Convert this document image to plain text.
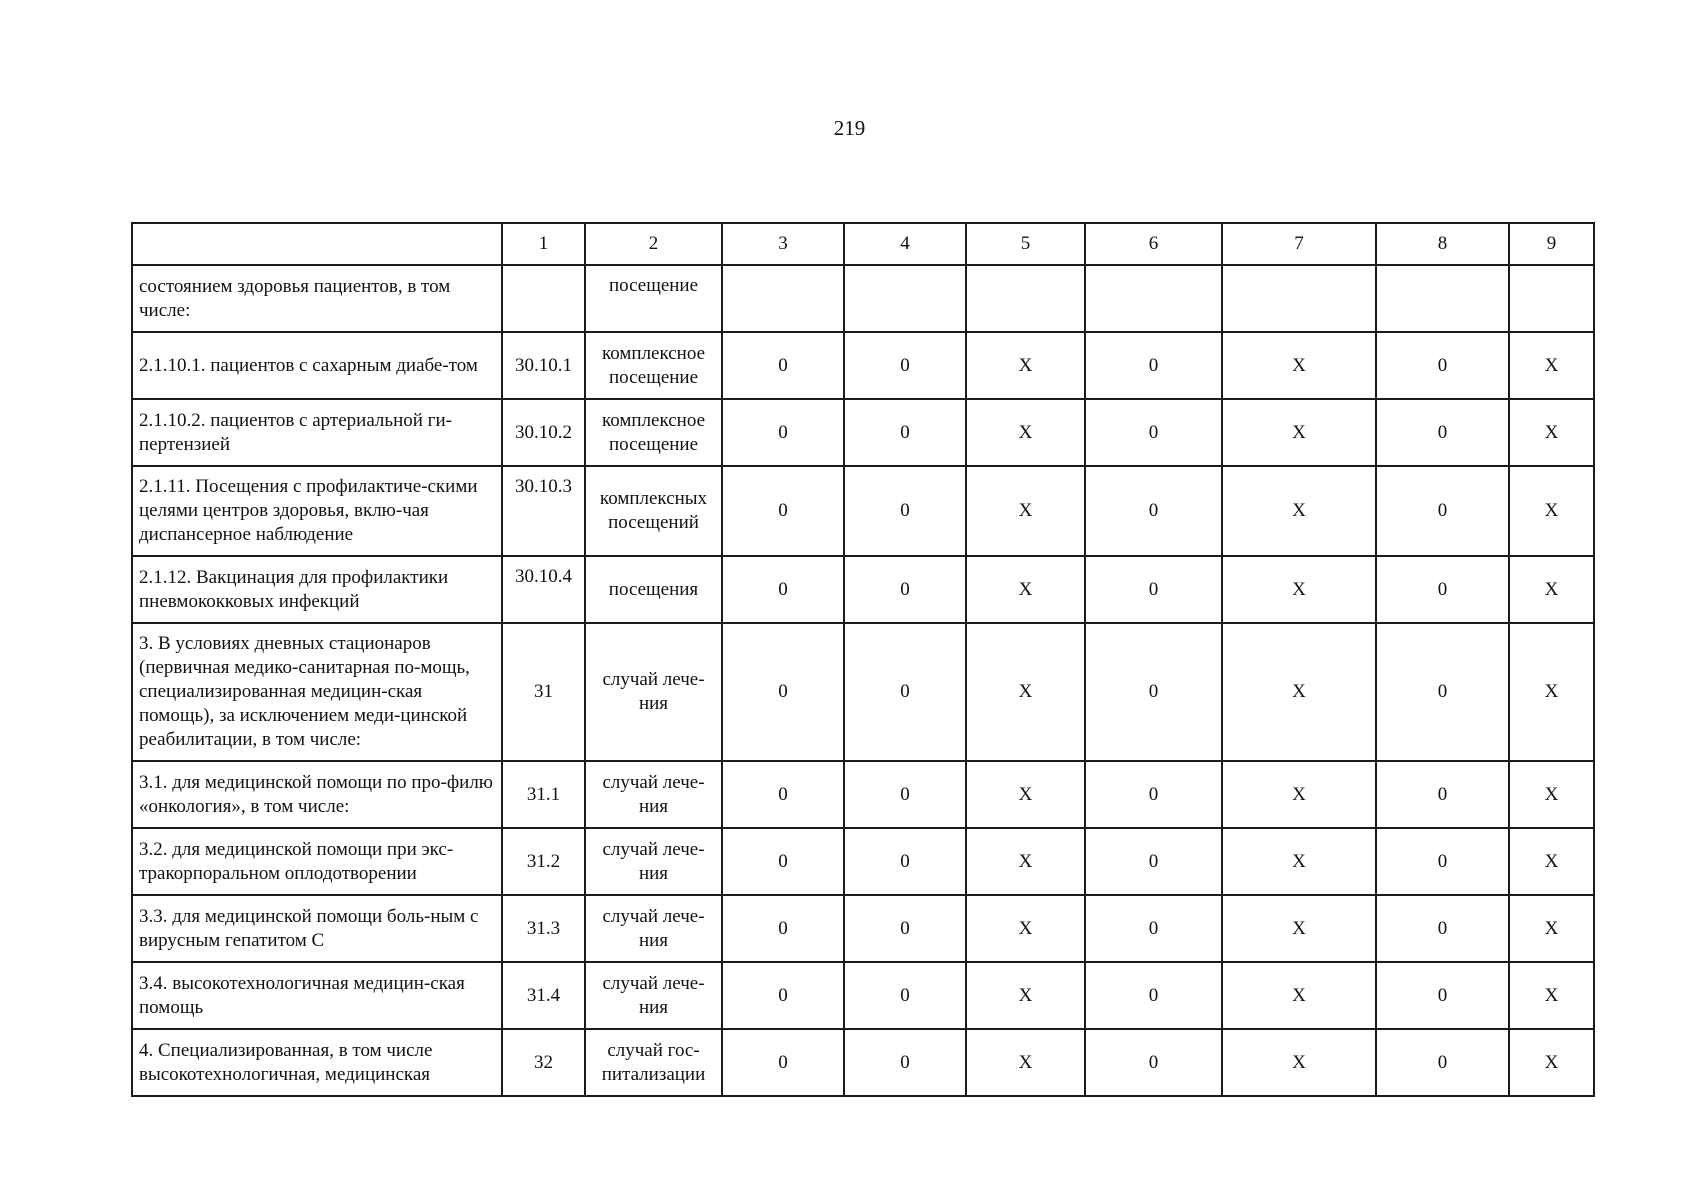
219
	1	2	3	4	5	6	7	8	9
состоянием здоровья пациентов, в том числе:		посещение							
2.1.10.1. пациентов с сахарным диабе-том	30.10.1	комплексное посещение	0	0	X	0	X	0	X
2.1.10.2. пациентов с артериальной ги-пертензией	30.10.2	комплексное посещение	0	0	X	0	X	0	X
2.1.11. Посещения с профилактиче-скими целями центров здоровья, вклю-чая диспансерное наблюдение	30.10.3	комплексных посещений	0	0	X	0	X	0	X
2.1.12. Вакцинация для профилактики пневмококковых инфекций	30.10.4	посещения	0	0	X	0	X	0	X
3. В условиях дневных стационаров (первичная медико-санитарная по-мощь, специализированная медицин-ская помощь), за исключением меди-цинской реабилитации, в том числе:	31	случай лече-ния	0	0	X	0	X	0	X
3.1. для медицинской помощи по про-филю «онкология», в том числе:	31.1	случай лече-ния	0	0	X	0	X	0	X
3.2. для медицинской помощи при экс-тракорпоральном оплодотворении	31.2	случай лече-ния	0	0	X	0	X	0	X
3.3. для медицинской помощи боль-ным с вирусным гепатитом С	31.3	случай лече-ния	0	0	X	0	X	0	X
3.4. высокотехнологичная медицин-ская помощь	31.4	случай лече-ния	0	0	X	0	X	0	X
4. Специализированная, в том числе высокотехнологичная, медицинская	32	случай гос-питализации	0	0	X	0	X	0	X
